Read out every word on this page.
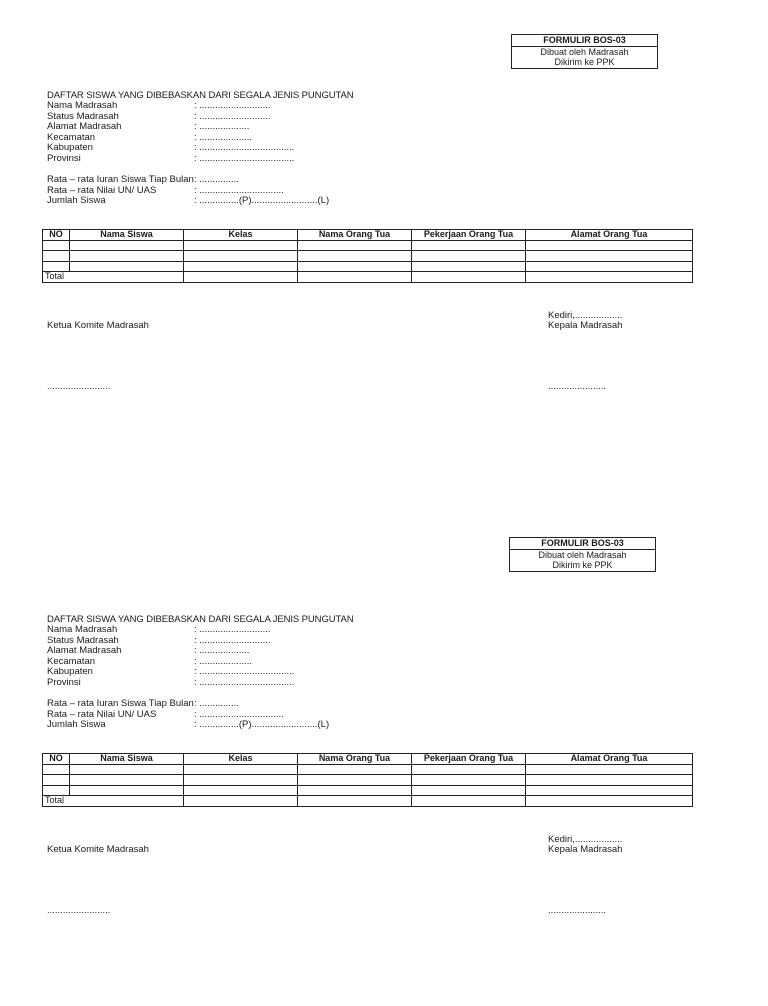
FORMULIR BOS-03
Dibuat oleh Madrasah
Dikirim ke PPK
DAFTAR SISWA YANG DIBEBASKAN DARI SEGALA JENIS PUNGUTAN
Nama Madrasah	: ...........................
Status Madrasah	: ...........................
Alamat Madrasah	: ...................
Kecamatan	: ....................
Kabupaten	: ....................................
Provinsi	: ....................................
Rata – rata Iuran Siswa Tiap Bulan : ...............
Rata – rata Nilai UN/ UAS	: ................................
Jumlah Siswa	: ...............(P).........................(L)
NO	Nama Siswa	Kelas	Nama Orang Tua	Pekerjaan Orang Tua	Alamat Orang Tua

Total					
Kediri,..................
Ketua Komite Madrasah	Kepala Madrasah
........................	......................
FORMULIR BOS-03
Dibuat oleh Madrasah
Dikirim ke PPK
DAFTAR SISWA YANG DIBEBASKAN DARI SEGALA JENIS PUNGUTAN
Nama Madrasah	: ...........................
Status Madrasah	: ...........................
Alamat Madrasah	: ...................
Kecamatan	: ....................
Kabupaten	: ....................................
Provinsi	: ....................................
Rata – rata Iuran Siswa Tiap Bulan : ...............
Rata – rata Nilai UN/ UAS	: ................................
Jumlah Siswa	: ...............(P).........................(L)
NO	Nama Siswa	Kelas	Nama Orang Tua	Pekerjaan Orang Tua	Alamat Orang Tua

Total					
Kediri,..................
Ketua Komite Madrasah	Kepala Madrasah
........................	......................
